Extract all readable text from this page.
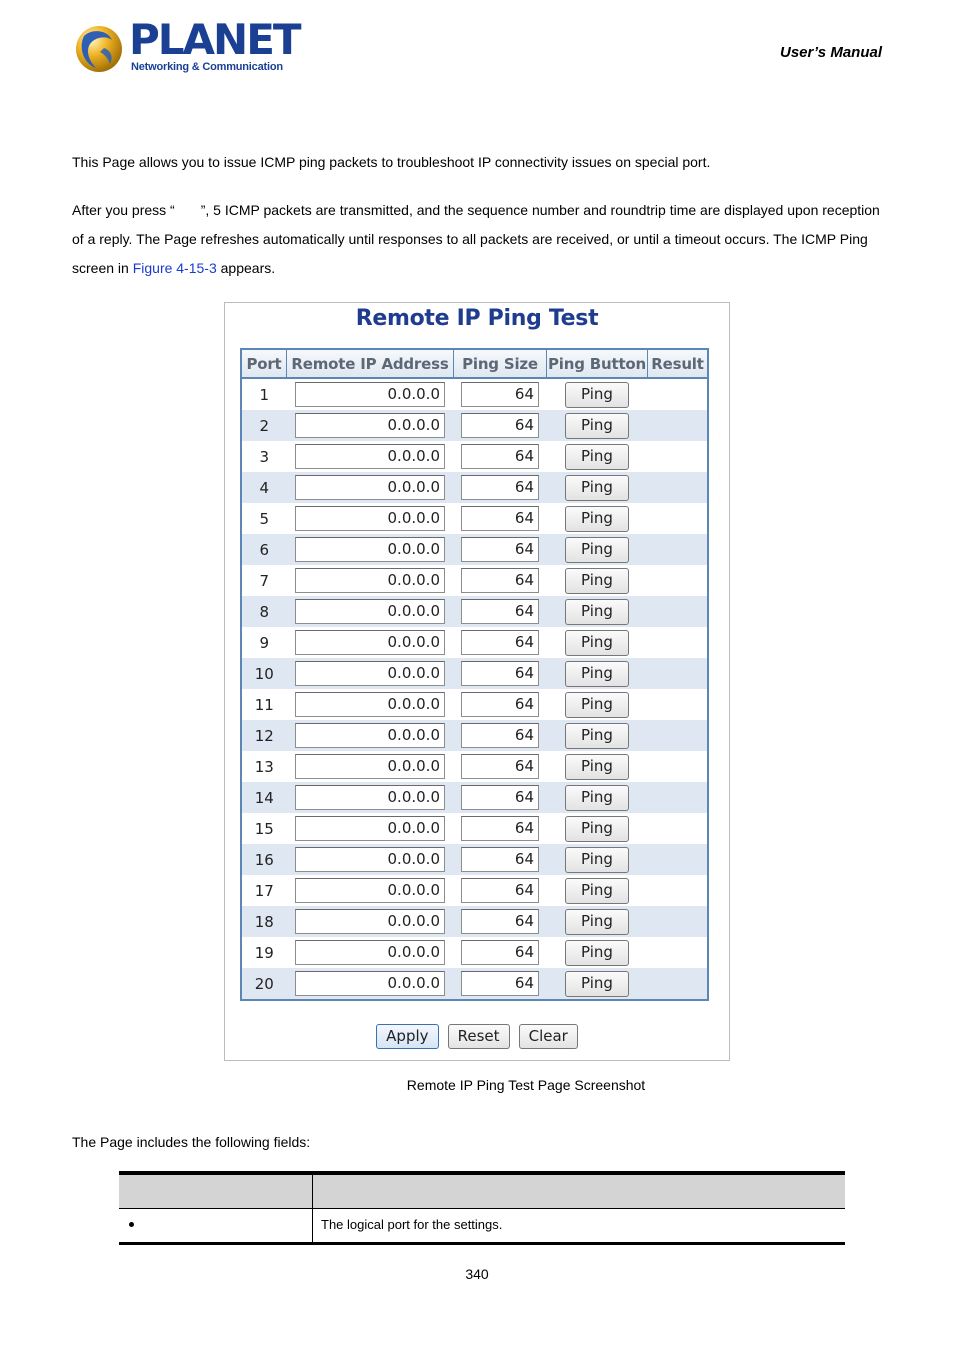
PLANET
Networking & Communication
User’s Manual
This Page allows you to issue ICMP ping packets to troubleshoot IP connectivity issues on special port.
After you press “ ”, 5 ICMP packets are transmitted, and the sequence number and roundtrip time are displayed upon reception of a reply. The Page refreshes automatically until responses to all packets are received, or until a timeout occurs. The ICMP Ping screen in Figure 4-15-3 appears.
Remote IP Ping Test
Port	Remote IP Address	Ping Size	Ping Button	Result
1	0.0.0.0	64	Ping	
2	0.0.0.0	64	Ping	
3	0.0.0.0	64	Ping	
4	0.0.0.0	64	Ping	
5	0.0.0.0	64	Ping	
6	0.0.0.0	64	Ping	
7	0.0.0.0	64	Ping	
8	0.0.0.0	64	Ping	
9	0.0.0.0	64	Ping	
10	0.0.0.0	64	Ping	
11	0.0.0.0	64	Ping	
12	0.0.0.0	64	Ping	
13	0.0.0.0	64	Ping	
14	0.0.0.0	64	Ping	
15	0.0.0.0	64	Ping	
16	0.0.0.0	64	Ping	
17	0.0.0.0	64	Ping	
18	0.0.0.0	64	Ping	
19	0.0.0.0	64	Ping	
20	0.0.0.0	64	Ping	
Apply Reset Clear
Remote IP Ping Test Page Screenshot
The Page includes the following fields:
The logical port for the settings.
340
